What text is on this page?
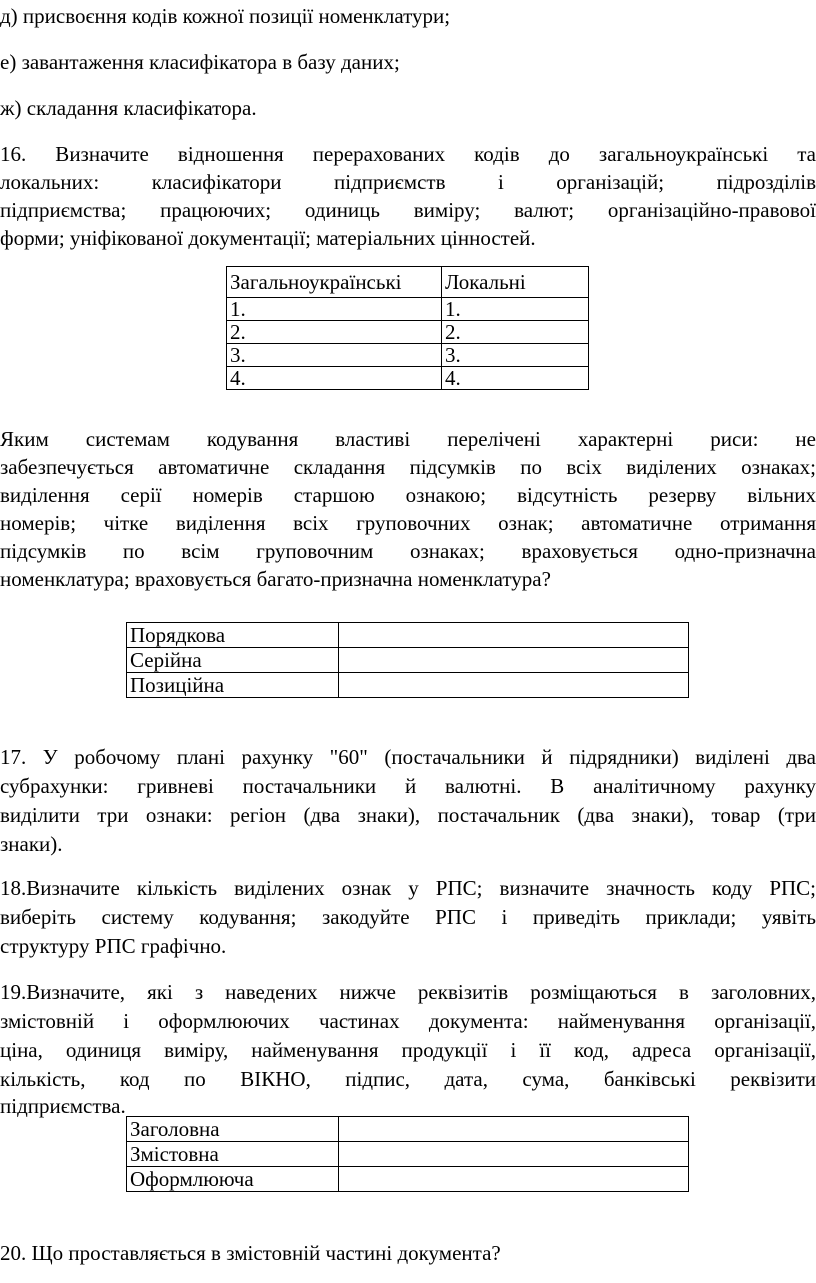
д) присвоєння кодів кожної позиції номенклатури;
е) завантаження класифікатора в базу даних;
ж) складання класифікатора.
16. Визначите відношення перерахованих кодів до загальноукраїнські та
локальних: класифікатори підприємств і організацій; підрозділів
підприємства; працюючих; одиниць виміру; валют; організаційно-правової
форми; уніфікованої документації; матеріальних цінностей.
Загальноукраїнські	Локальні
1.	1.
2.	2.
3.	3.
4.	4.
Яким системам кодування властиві перелічені характерні риси: не
забезпечується автоматичне складання підсумків по всіх виділених ознаках;
виділення серії номерів старшою ознакою; відсутність резерву вільних
номерів; чітке виділення всіх груповочних ознак; автоматичне отримання
підсумків по всім груповочним ознаках; враховується одно-призначна
номенклатура; враховується багато-призначна номенклатура?
Порядкова	
Серійна	
Позиційна	
17. У робочому плані рахунку "60" (постачальники й підрядники) виділені два
субрахунки: гривневі постачальники й валютні. В аналітичному рахунку
виділити три ознаки: регіон (два знаки), постачальник (два знаки), товар (три
знаки).
18.Визначите кількість виділених ознак у РПС; визначите значность коду РПС;
виберіть систему кодування; закодуйте РПС і приведіть приклади; уявіть
структуру РПС графічно.
19.Визначите, які з наведених нижче реквізитів розміщаються в заголовних,
змістовній і оформлюючих частинах документа: найменування організації,
ціна, одиниця виміру, найменування продукції і її код, адреса організації,
кількість, код по ВІКНО, підпис, дата, сума, банківські реквізити
підприємства.
Заголовна	
Змістовна	
Оформлююча	
20. Що проставляється в змістовній частині документа?
